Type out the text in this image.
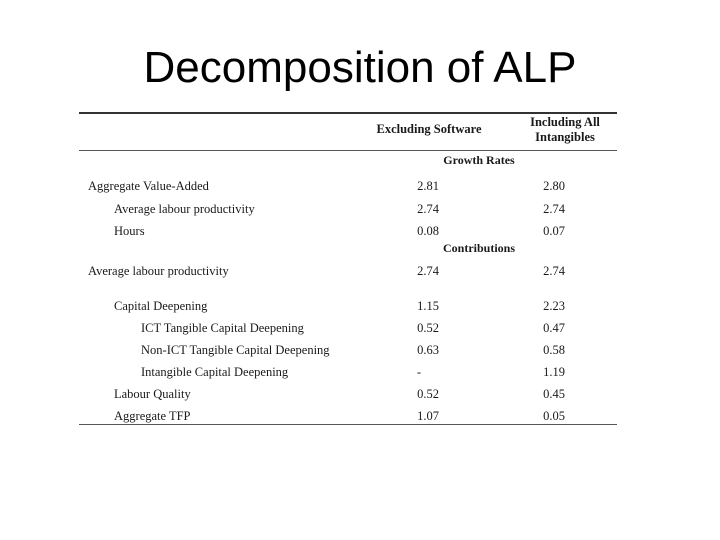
Decomposition of ALP
Excluding Software	Including All
Intangibles
Growth Rates
Aggregate Value-Added	2.81	2.80
Average labour productivity	2.74	2.74
Hours	0.08	0.07
Contributions
Average labour productivity	2.74	2.74
Capital Deepening	1.15	2.23
ICT Tangible Capital Deepening	0.52	0.47
Non-ICT Tangible Capital Deepening	0.63	0.58
Intangible Capital Deepening	-	1.19
Labour Quality	0.52	0.45
Aggregate TFP	1.07	0.05
